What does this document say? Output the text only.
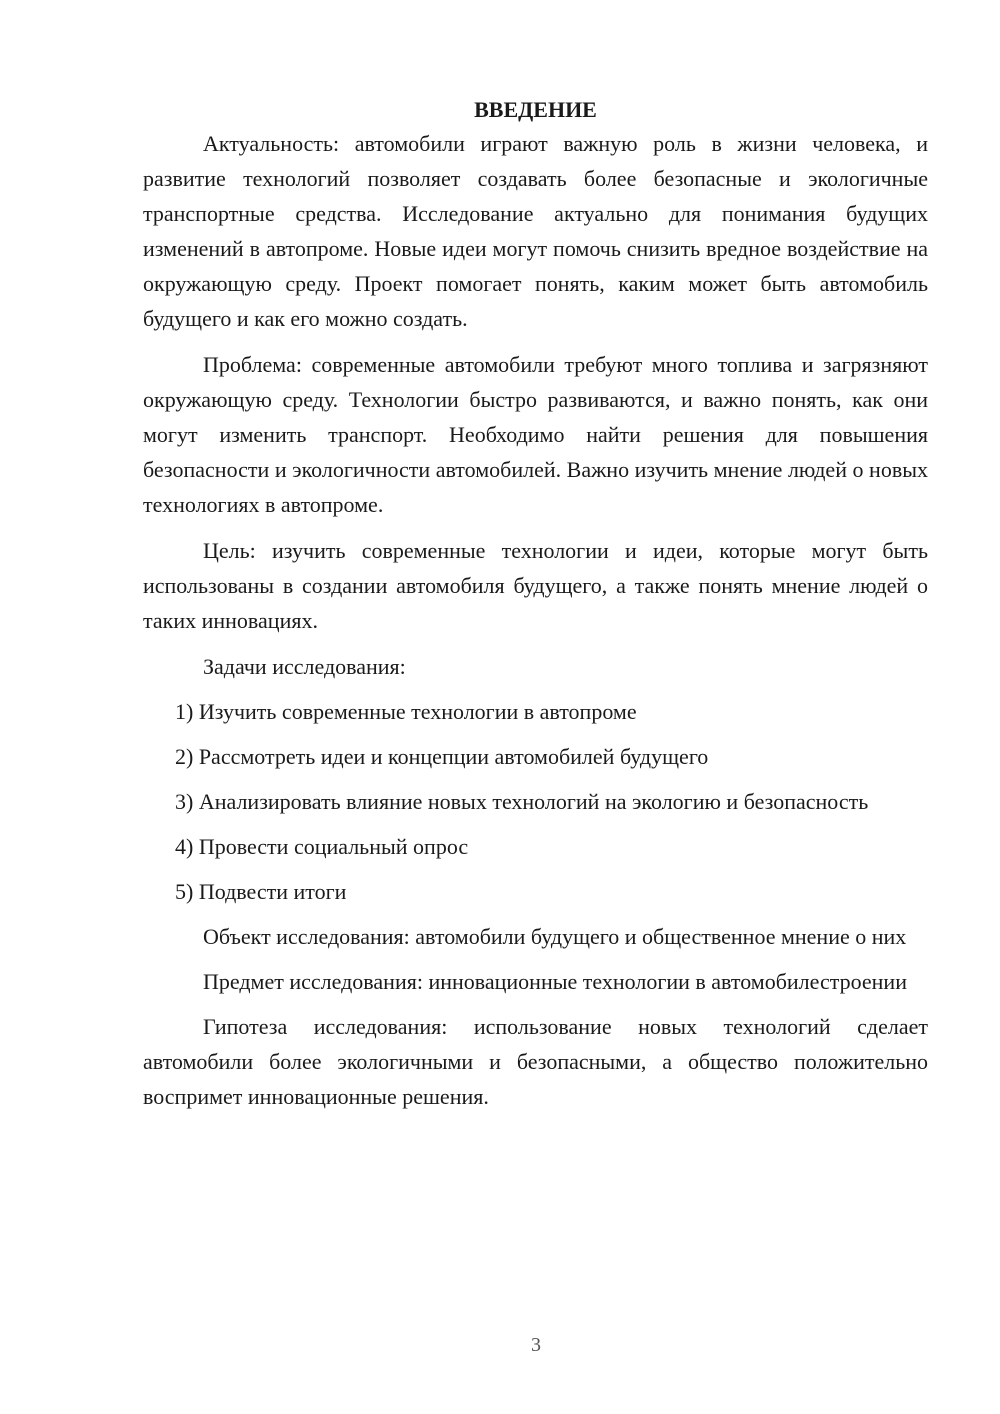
ВВЕДЕНИЕ

Актуальность: автомобили играют важную роль в жизни человека, и развитие технологий позволяет создавать более безопасные и экологичные транспортные средства. Исследование актуально для понимания будущих изменений в автопроме. Новые идеи могут помочь снизить вредное воздействие на окружающую среду. Проект помогает понять, каким может быть автомобиль будущего и как его можно создать.

Проблема: современные автомобили требуют много топлива и загрязняют окружающую среду. Технологии быстро развиваются, и важно понять, как они могут изменить транспорт. Необходимо найти решения для повышения безопасности и экологичности автомобилей. Важно изучить мнение людей о новых технологиях в автопроме.

Цель: изучить современные технологии и идеи, которые могут быть использованы в создании автомобиля будущего, а также понять мнение людей о таких инновациях.

Задачи исследования:

1) Изучить современные технологии в автопроме

2) Рассмотреть идеи и концепции автомобилей будущего

3) Анализировать влияние новых технологий на экологию и безопасность

4) Провести социальный опрос

5) Подвести итоги

Объект исследования: автомобили будущего и общественное мнение о них

Предмет исследования: инновационные технологии в автомобилестроении

Гипотеза исследования: использование новых технологий сделает автомобили более экологичными и безопасными, а общество положительно воспримет инновационные решения.

3
